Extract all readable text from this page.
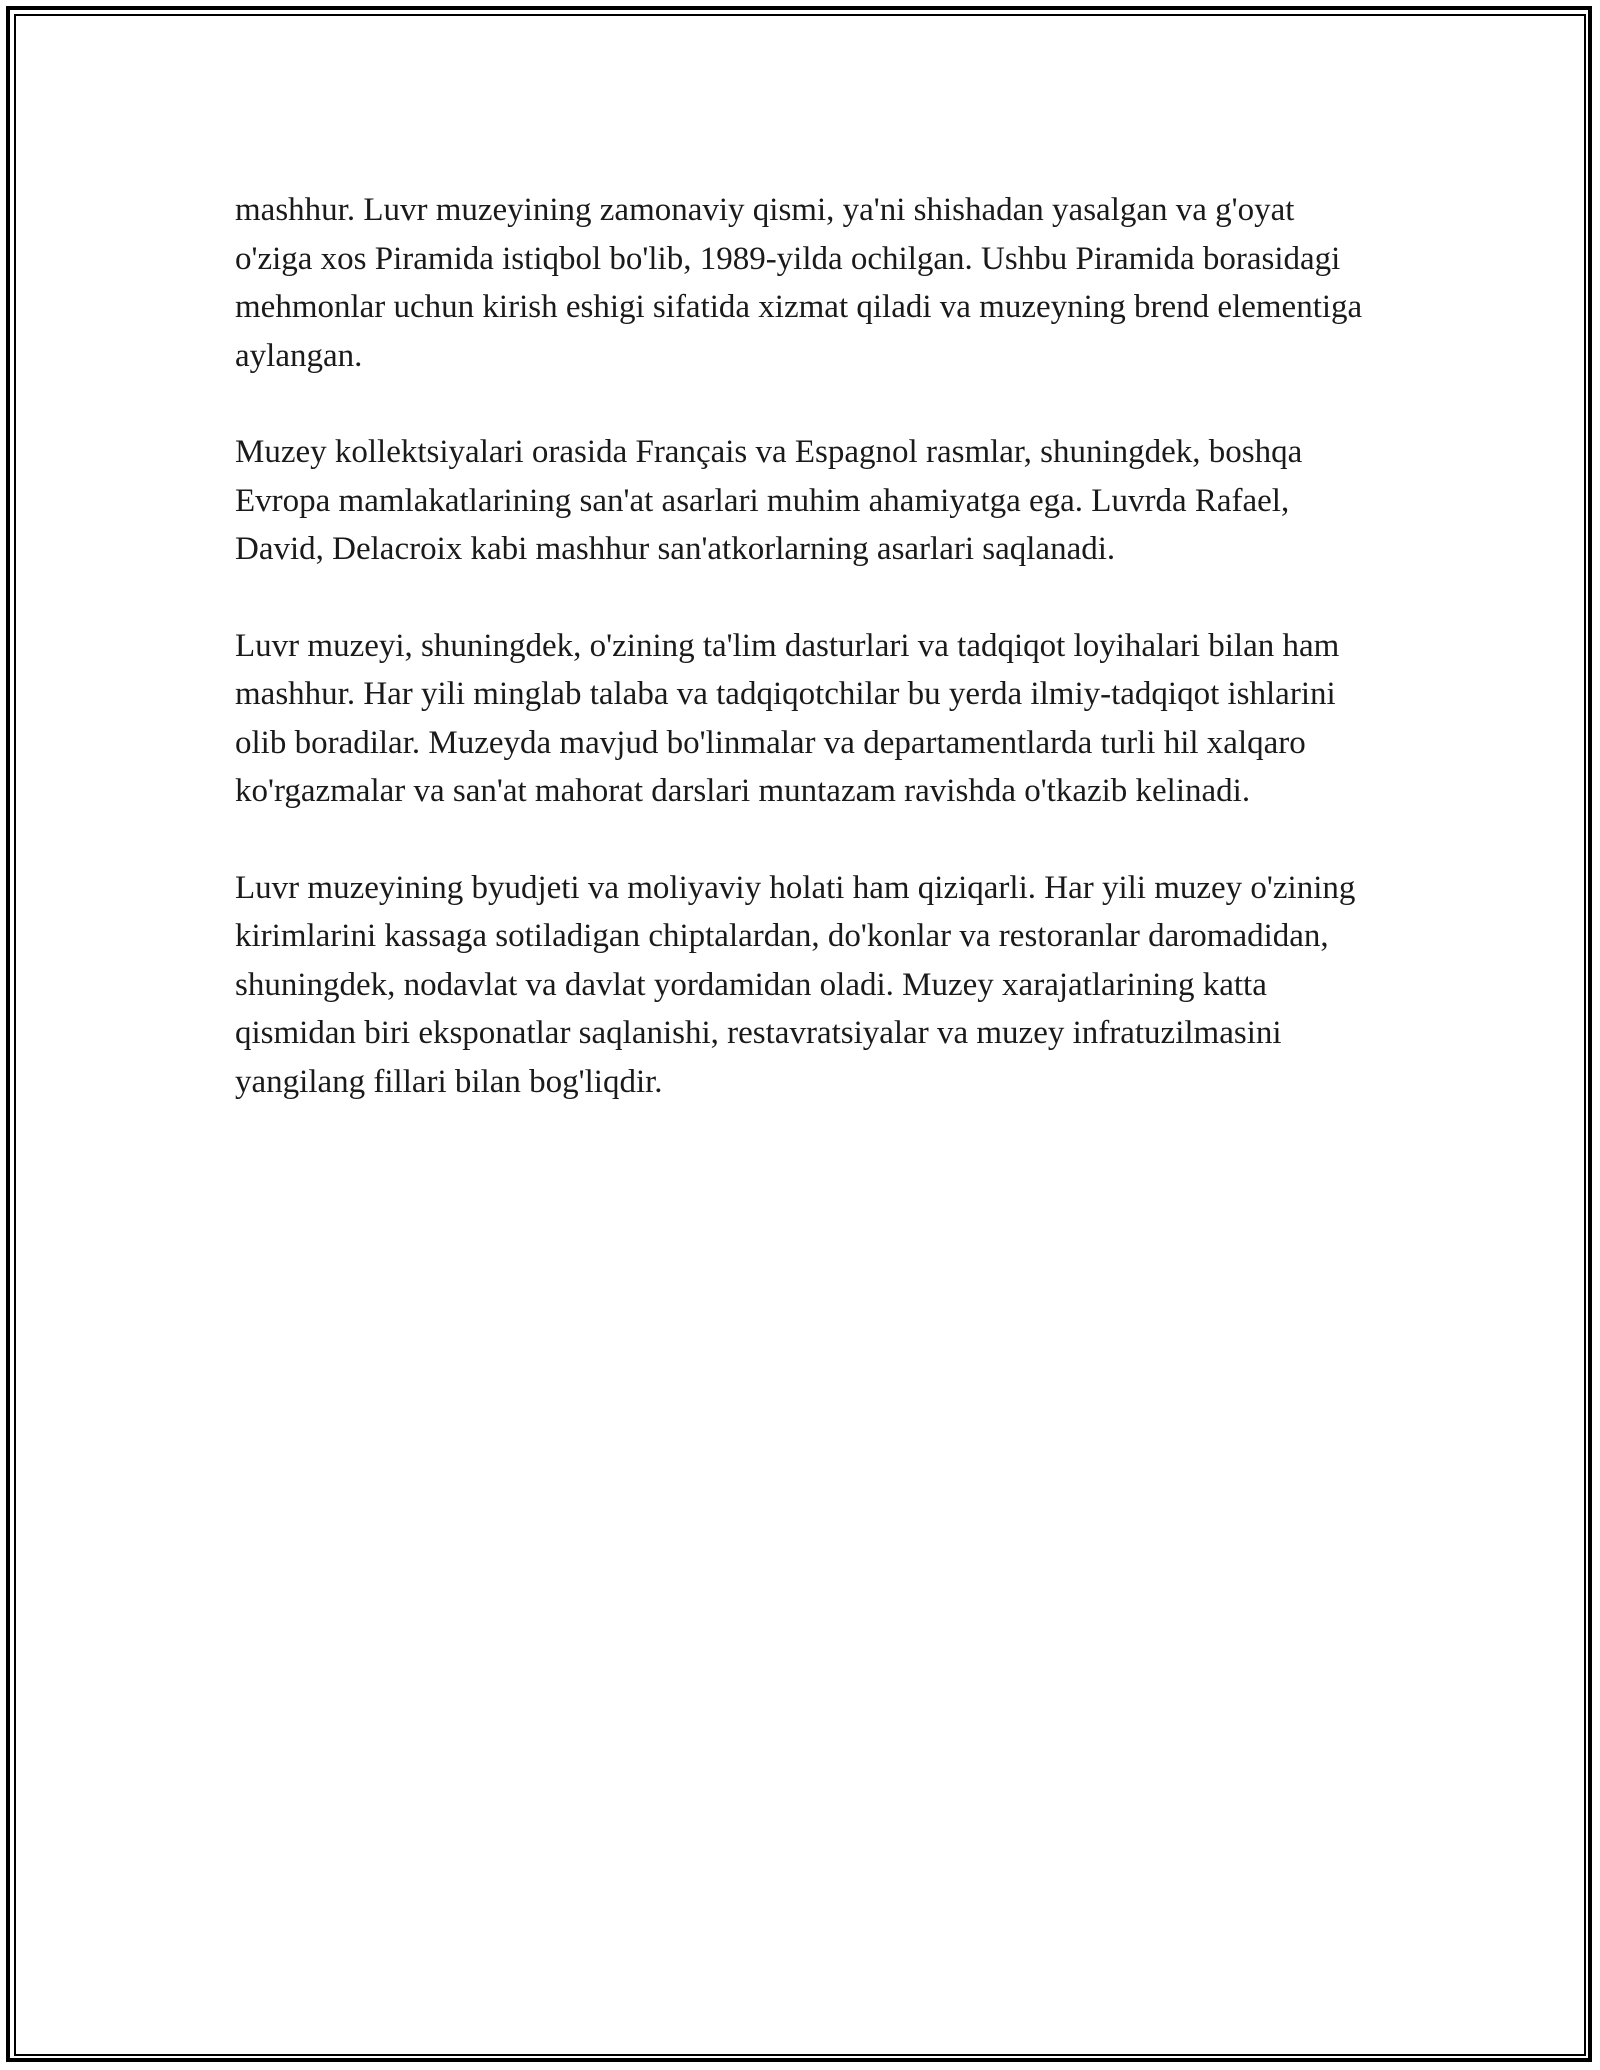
mashhur. Luvr muzeyining zamonaviy qismi, ya'ni shishadan yasalgan va g'oyat o'ziga xos Piramida istiqbol bo'lib, 1989-yilda ochilgan. Ushbu Piramida borasidagi mehmonlar uchun kirish eshigi sifatida xizmat qiladi va muzeyning brend elementiga aylangan.

Muzey kollektsiyalari orasida Français va Espagnol rasmlar, shuningdek, boshqa Evropa mamlakatlarining san'at asarlari muhim ahamiyatga ega. Luvrda Rafael, David, Delacroix kabi mashhur san'atkorlarning asarlari saqlanadi.

Luvr muzeyi, shuningdek, o'zining ta'lim dasturlari va tadqiqot loyihalari bilan ham mashhur. Har yili minglab talaba va tadqiqotchilar bu yerda ilmiy-tadqiqot ishlarini olib boradilar. Muzeyda mavjud bo'linmalar va departamentlarda turli hil xalqaro ko'rgazmalar va san'at mahorat darslari muntazam ravishda o'tkazib kelinadi.

Luvr muzeyining byudjeti va moliyaviy holati ham qiziqarli. Har yili muzey o'zining kirimlarini kassaga sotiladigan chiptalardan, do'konlar va restoranlar daromadidan, shuningdek, nodavlat va davlat yordamidan oladi. Muzey xarajatlarining katta qismidan biri eksponatlar saqlanishi, restavratsiyalar va muzey infratuzilmasini yangilang fillari bilan bog'liqdir.
